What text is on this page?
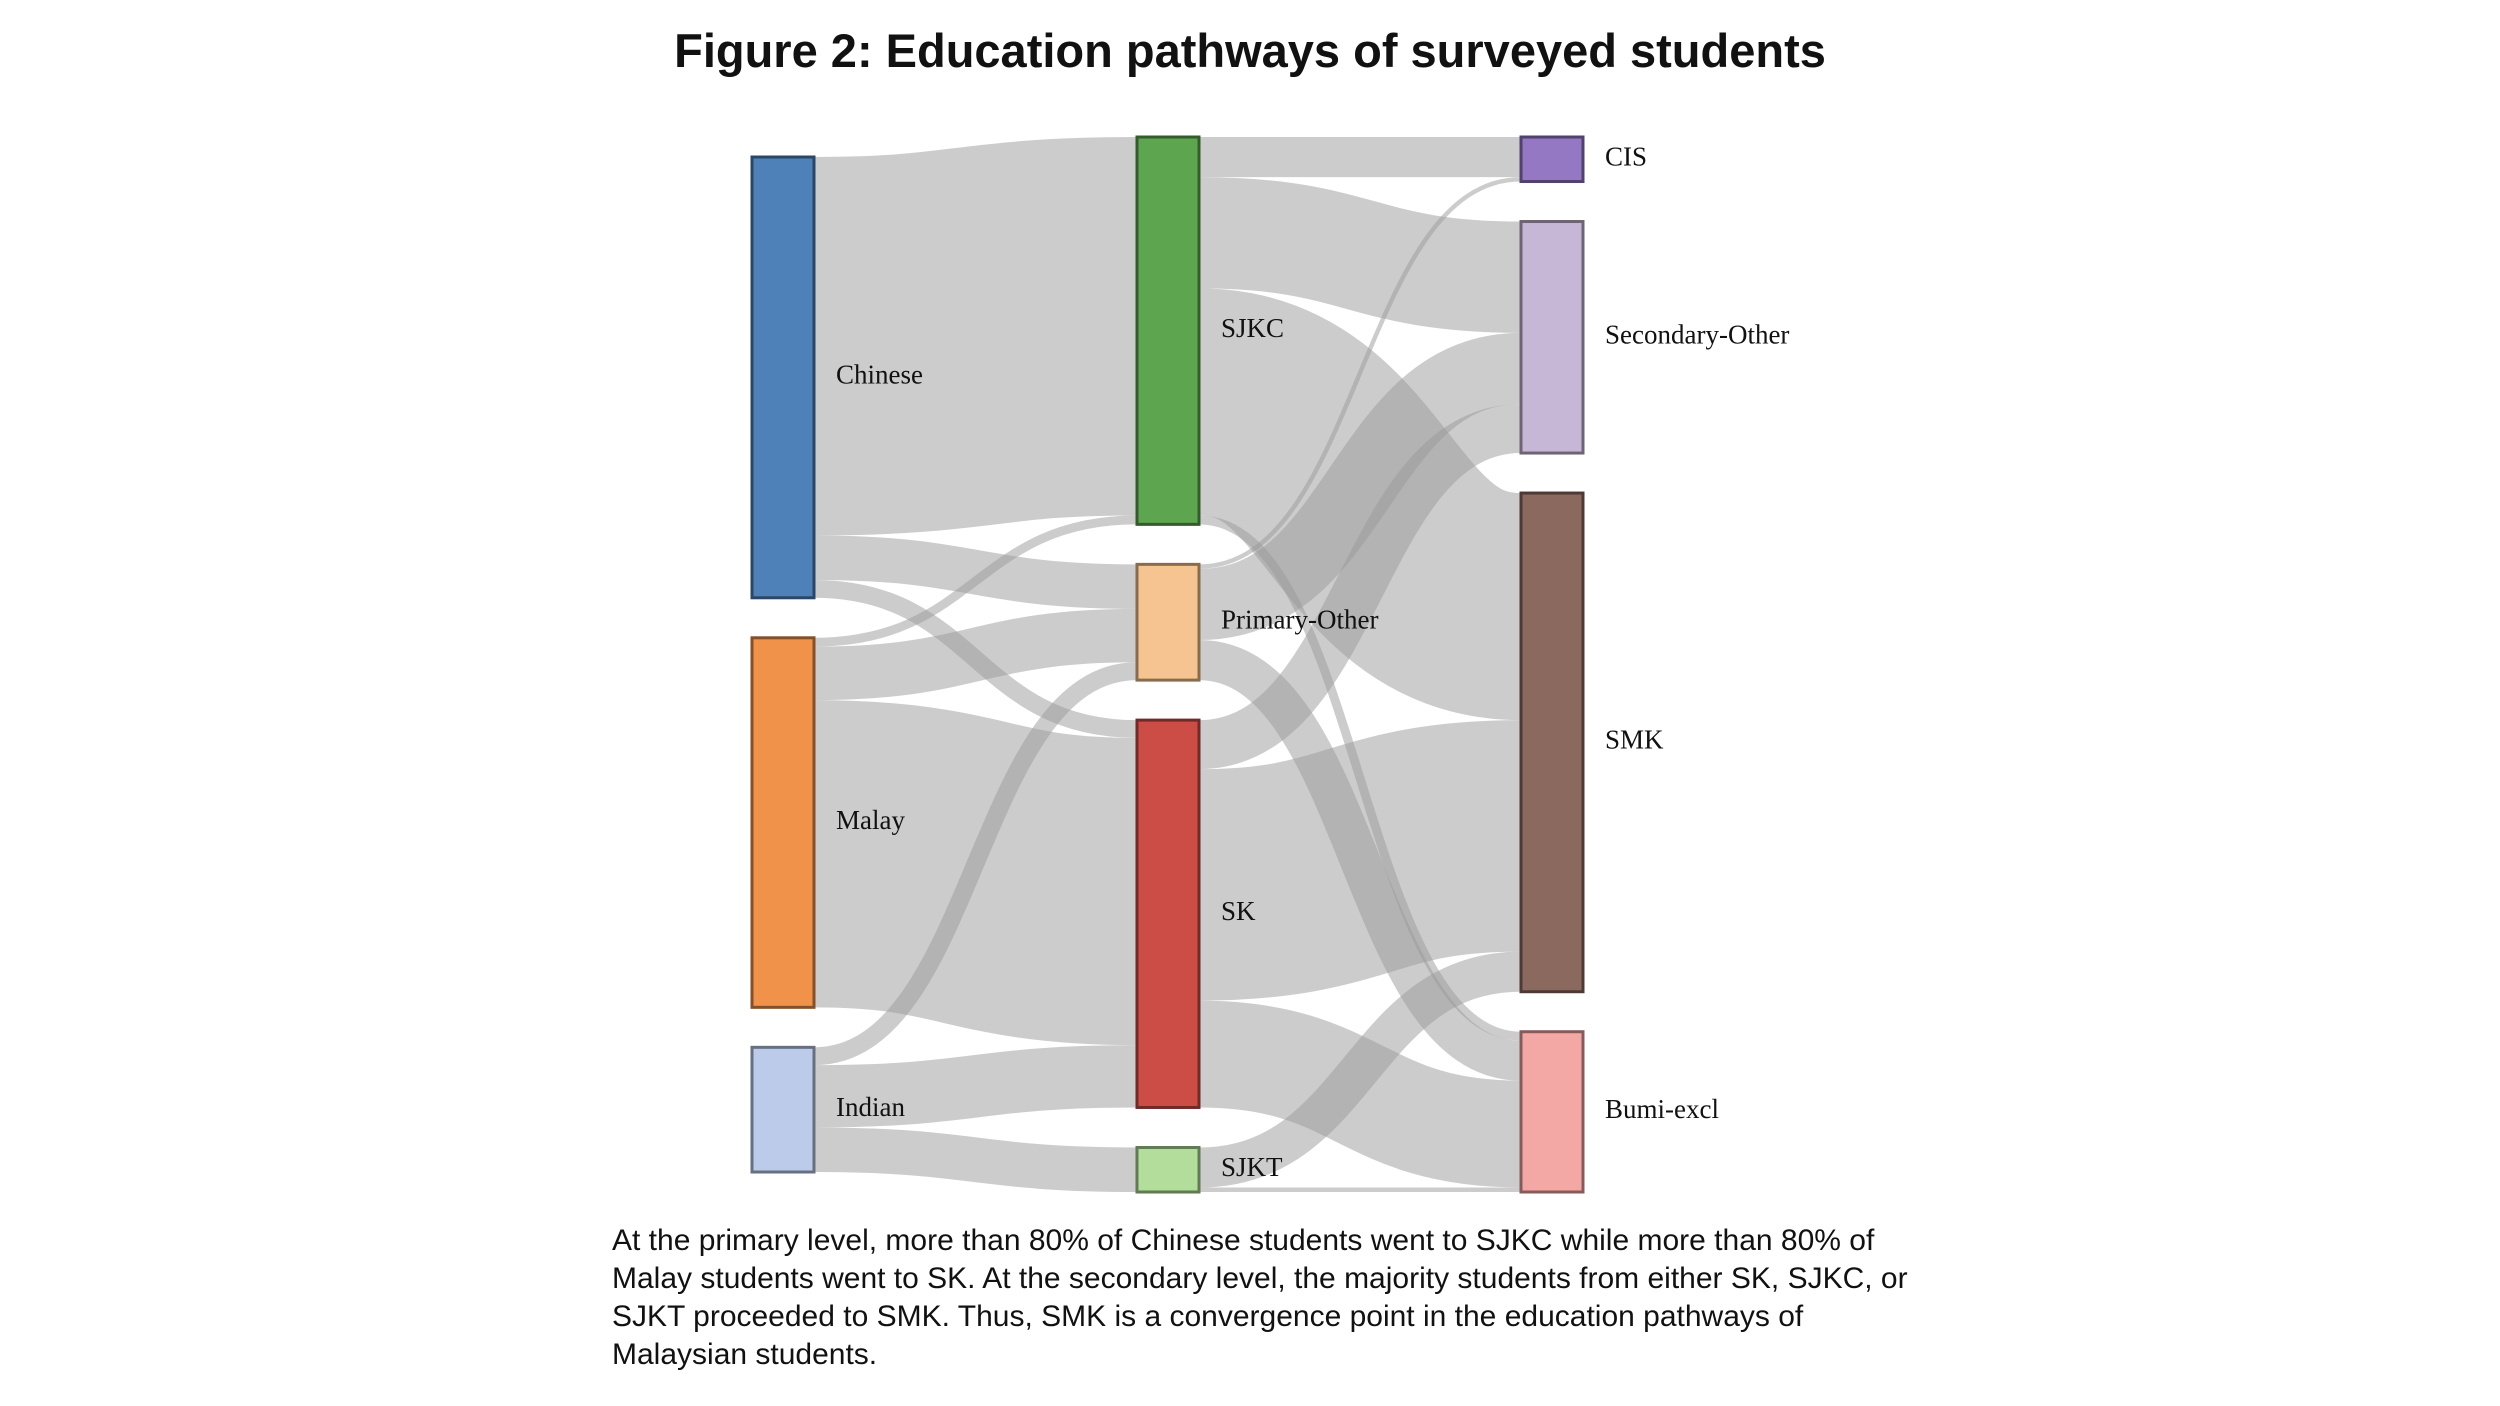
Figure 2: Education pathways of surveyed students
Chinese
Malay
Indian
SJKC
Primary-Other
SK
SJKT
CIS
Secondary-Other
SMK
Bumi-excl
At the primary level, more than 80% of Chinese students went to SJKC while more than 80% of Malay students went to SK. At the secondary level, the majority students from either SK, SJKC, or SJKT proceeded to SMK. Thus, SMK is a convergence point in the education pathways of Malaysian students.
